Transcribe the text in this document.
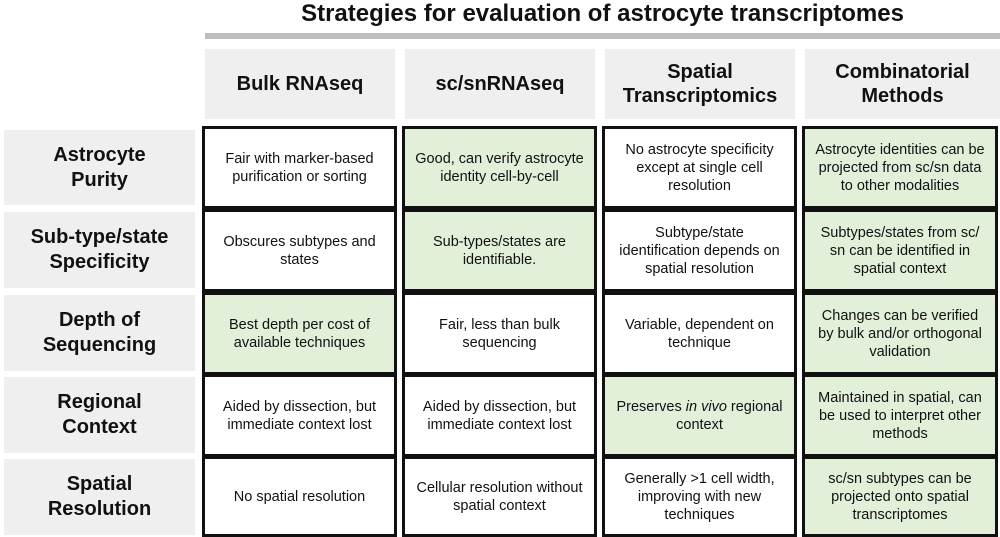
Strategies for evaluation of astrocyte transcriptomes
Bulk RNAseq	sc/snRNAseq
Spatial Transcriptomics
Combinatorial Methods
Astrocyte Purity
Sub-type/state Specificity
Depth of Sequencing
Regional Context
Spatial Resolution
Fair with marker-based purification or sorting
Good, can verify astrocyte identity cell-by-cell
No astrocyte specificity except at single cell resolution
Astrocyte identities can be projected from sc/sn data to other modalities
Obscures subtypes and states
Sub-types/states are identifiable.
Subtype/state identification depends on spatial resolution
Subtypes/states from sc/ sn can be identified in spatial context
Best depth per cost of available techniques
Fair, less than bulk sequencing
Variable, dependent on technique
Changes can be verified by bulk and/or orthogonal validation
Aided by dissection, but immediate context lost
Aided by dissection, but immediate context lost
Preserves in vivo regional context
Maintained in spatial, can be used to interpret other methods
No spatial resolution
Cellular resolution without spatial context
Generally >1 cell width, improving with new techniques
sc/sn subtypes can be projected onto spatial transcriptomes
